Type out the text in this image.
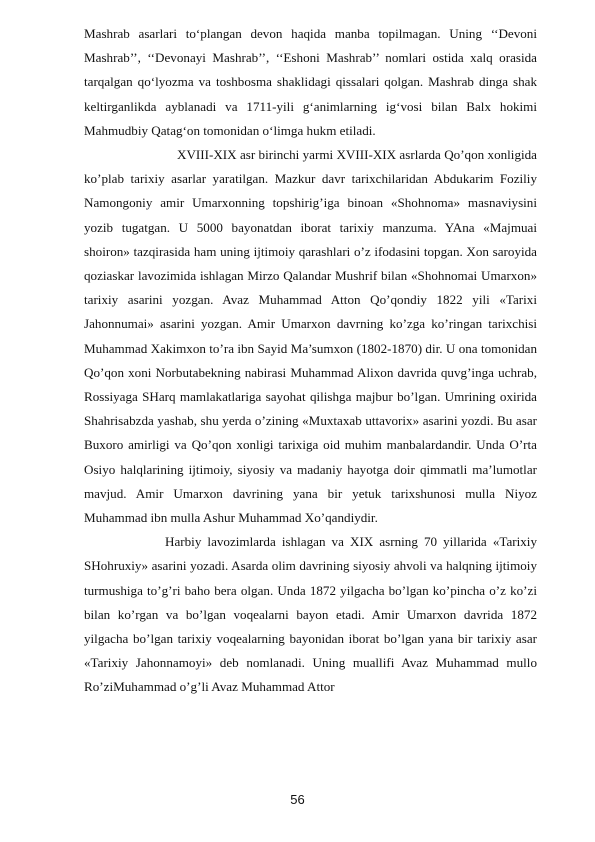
Mashrab asarlari to‘plangan devon haqida manba topilmagan. Uning ‘‘Devoni Mashrab’’, ‘‘Devonayi Mashrab’’, ‘‘Eshoni Mashrab’’ nomlari ostida xalq orasida tarqalgan qo‘lyozma va toshbosma shaklidagi qissalari qolgan. Mashrab dinga shak keltirganlikda ayblanadi va 1711-yili g‘animlarning ig‘vosi bilan Balx hokimi Mahmudbiy Qatag‘on tomonidan o‘limga hukm etiladi.

XVIII-XIX asr birinchi yarmi XVIII-XIX asrlarda Qo’qon xonligida ko’plab tarixiy asarlar yaratilgan. Mazkur davr tarixchilaridan Abdukarim Foziliy Namongoniy amir Umarxonning topshirig’iga binoan «Shohnoma» masnaviysini yozib tugatgan. U 5000 bayonatdan iborat tarixiy manzuma. YAna «Majmuai shoiron» tazqirasida ham uning ijtimoiy qarashlari o’z ifodasini topgan. Xon saroyida qoziaskar lavozimida ishlagan Mirzo Qalandar Mushrif bilan «Shohnomai Umarxon» tarixiy asarini yozgan. Avaz Muhammad Atton Qo’qondiy 1822 yili «Tarixi Jahonnumai» asarini yozgan. Amir Umarxon davrning ko’zga ko’ringan tarixchisi Muhammad Xakimxon to’ra ibn Sayid Ma’sumxon (1802-1870) dir. U ona tomonidan Qo’qon xoni Norbutabekning nabirasi Muhammad Alixon davrida quvg’inga uchrab, Rossiyaga SHarq mamlakatlariga sayohat qilishga majbur bo’lgan. Umrining oxirida Shahrisabzda yashab, shu yerda o’zining «Muxtaxab uttavorix» asarini yozdi. Bu asar Buxoro amirligi va Qo’qon xonligi tarixiga oid muhim manbalardandir. Unda O’rta Osiyo halqlarining ijtimoiy, siyosiy va madaniy hayotga doir qimmatli ma’lumotlar mavjud. Amir Umarxon davrining yana bir yetuk tarixshunosi mulla Niyoz Muhammad ibn mulla Ashur Muhammad Xo’qandiydir.

Harbiy lavozimlarda ishlagan va XIX asrning 70 yillarida «Tarixiy SHohruxiy» asarini yozadi. Asarda olim davrining siyosiy ahvoli va halqning ijtimoiy turmushiga to’g’ri baho bera olgan. Unda 1872 yilgacha bo’lgan ko’pincha o’z ko’zi bilan ko’rgan va bo’lgan voqealarni bayon etadi. Amir Umarxon davrida 1872 yilgacha bo’lgan tarixiy voqealarning bayonidan iborat bo’lgan yana bir tarixiy asar «Tarixiy Jahonnamoyi» deb nomlanadi. Uning muallifi Avaz Muhammad mullo Ro’ziMuhammad o’g’li Avaz Muhammad Attor

56
